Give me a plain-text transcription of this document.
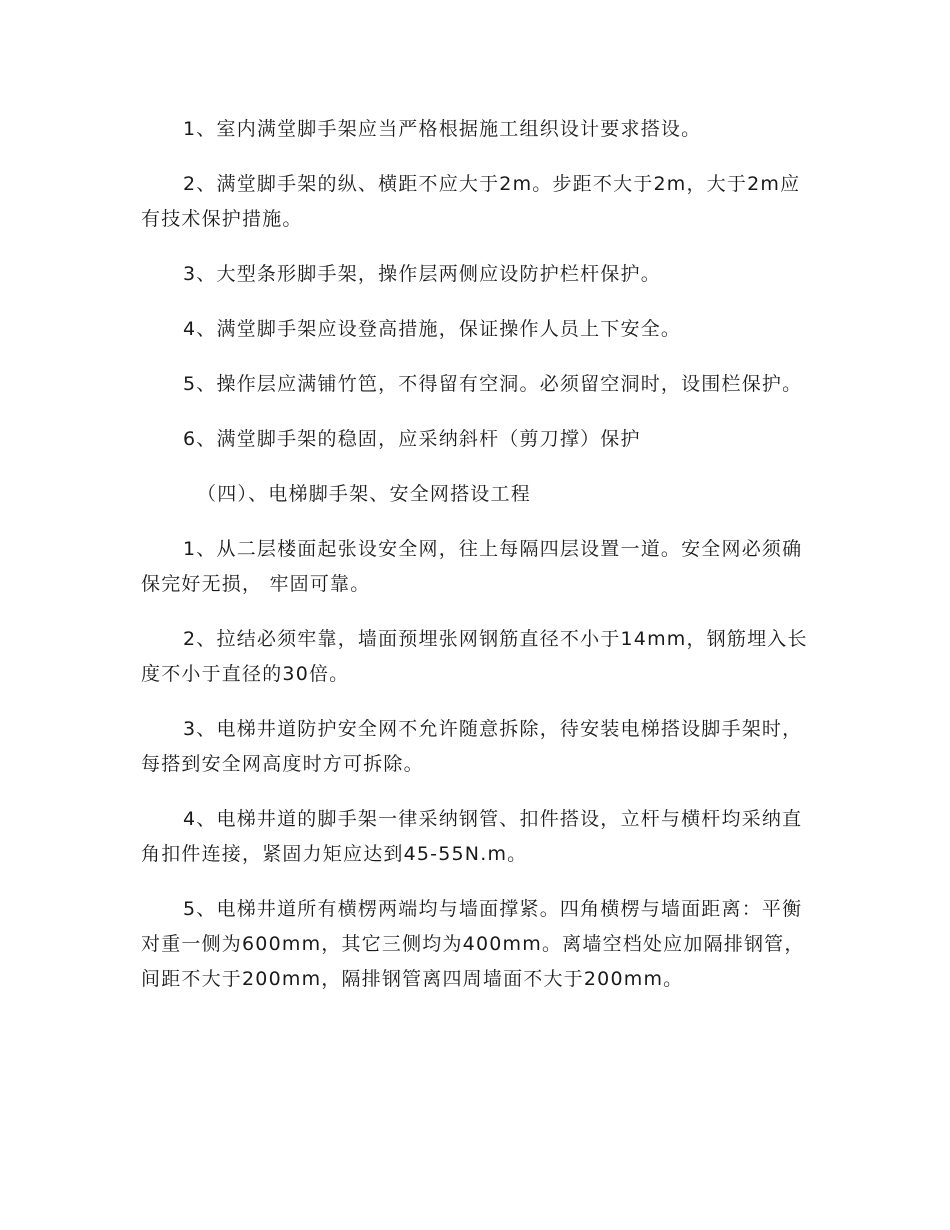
1、室内满堂脚手架应当严格根据施工组织设计要求搭设。

2、满堂脚手架的纵、横距不应大于2m。步距不大于2m，大于2m应有技术保护措施。

3、大型条形脚手架，操作层两侧应设防护栏杆保护。

4、满堂脚手架应设登高措施，保证操作人员上下安全。

5、操作层应满铺竹笆，不得留有空洞。必须留空洞时，设围栏保护。

6、满堂脚手架的稳固，应采纳斜杆（剪刀撑）保护

（四）、电梯脚手架、安全网搭设工程

1、从二层楼面起张设安全网，往上每隔四层设置一道。安全网必须确保完好无损， 牢固可靠。

2、拉结必须牢靠，墙面预埋张网钢筋直径不小于14mm，钢筋埋入长度不小于直径的30倍。

3、电梯井道防护安全网不允许随意拆除，待安装电梯搭设脚手架时，每搭到安全网高度时方可拆除。

4、电梯井道的脚手架一律采纳钢管、扣件搭设，立杆与横杆均采纳直角扣件连接，紧固力矩应达到45-55N.m。

5、电梯井道所有横楞两端均与墙面撑紧。四角横楞与墙面距离：平衡对重一侧为600mm，其它三侧均为400mm。离墙空档处应加隔排钢管，间距不大于200mm，隔排钢管离四周墙面不大于200mm。
